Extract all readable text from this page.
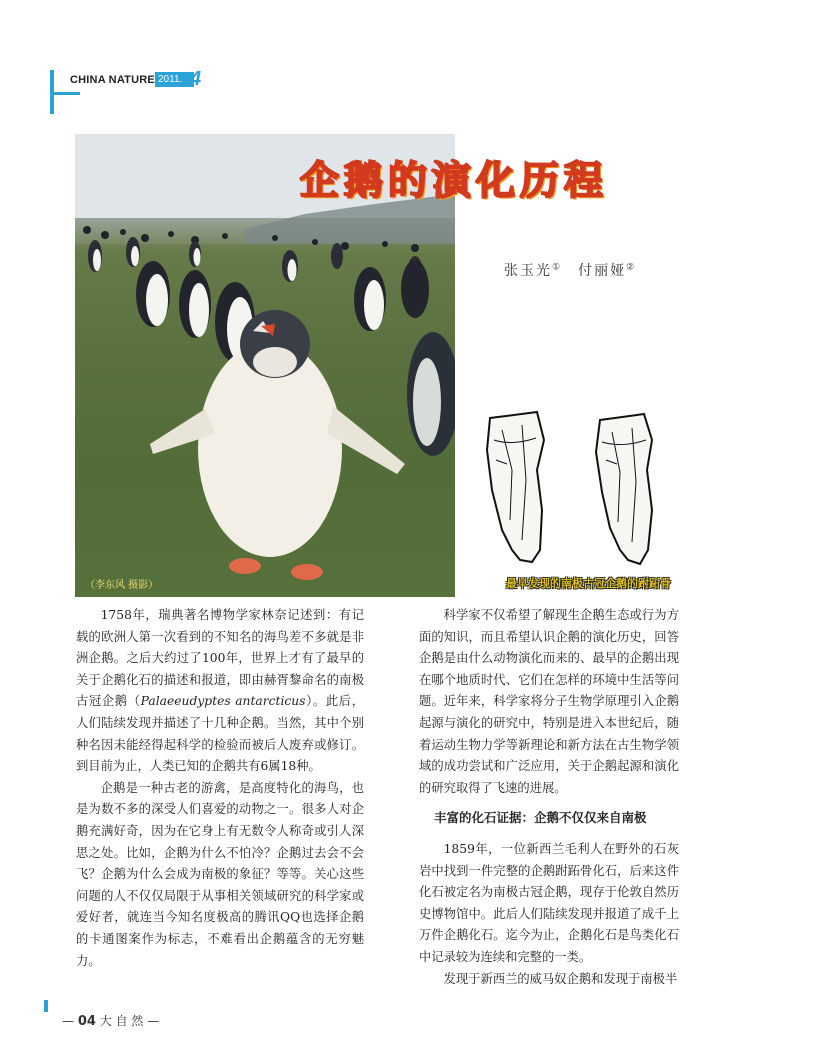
CHINA NATURE 2011. 4
（李东风 摄影）
企鹅的演化历程
张玉光① 付丽娅②
最早发现的南极古冠企鹅的跗跖骨

1758年，瑞典著名博物学家林奈记述到：有记载的欧洲人第一次看到的不知名的海鸟差不多就是非洲企鹅。之后大约过了100年，世界上才有了最早的关于企鹅化石的描述和报道，即由赫胥黎命名的南极古冠企鹅（Palaeeudyptes antarcticus）。此后，人们陆续发现并描述了十几种企鹅。当然，其中个别种名因未能经得起科学的检验而被后人废弃或修订。到目前为止，人类已知的企鹅共有6属18种。

企鹅是一种古老的游禽，是高度特化的海鸟，也是为数不多的深受人们喜爱的动物之一。很多人对企鹅充满好奇，因为在它身上有无数令人称奇或引人深思之处。比如，企鹅为什么不怕冷？企鹅过去会不会飞？企鹅为什么会成为南极的象征？等等。关心这些问题的人不仅仅局限于从事相关领域研究的科学家或爱好者，就连当今知名度极高的腾讯QQ也选择企鹅的卡通图案作为标志，不难看出企鹅蕴含的无穷魅力。

科学家不仅希望了解现生企鹅生态或行为方面的知识，而且希望认识企鹅的演化历史，回答企鹅是由什么动物演化而来的、最早的企鹅出现在哪个地质时代、它们在怎样的环境中生活等问题。近年来，科学家将分子生物学原理引入企鹅起源与演化的研究中，特别是进入本世纪后，随着运动生物力学等新理论和新方法在古生物学领域的成功尝试和广泛应用，关于企鹅起源和演化的研究取得了飞速的进展。

丰富的化石证据：企鹅不仅仅来自南极

1859年，一位新西兰毛利人在野外的石灰岩中找到一件完整的企鹅跗跖骨化石，后来这件化石被定名为南极古冠企鹅，现存于伦敦自然历史博物馆中。此后人们陆续发现并报道了成千上万件企鹅化石。迄今为止，企鹅化石是鸟类化石中记录较为连续和完整的一类。

发现于新西兰的威马奴企鹅和发现于南极半

— 04 大 自 然 —
